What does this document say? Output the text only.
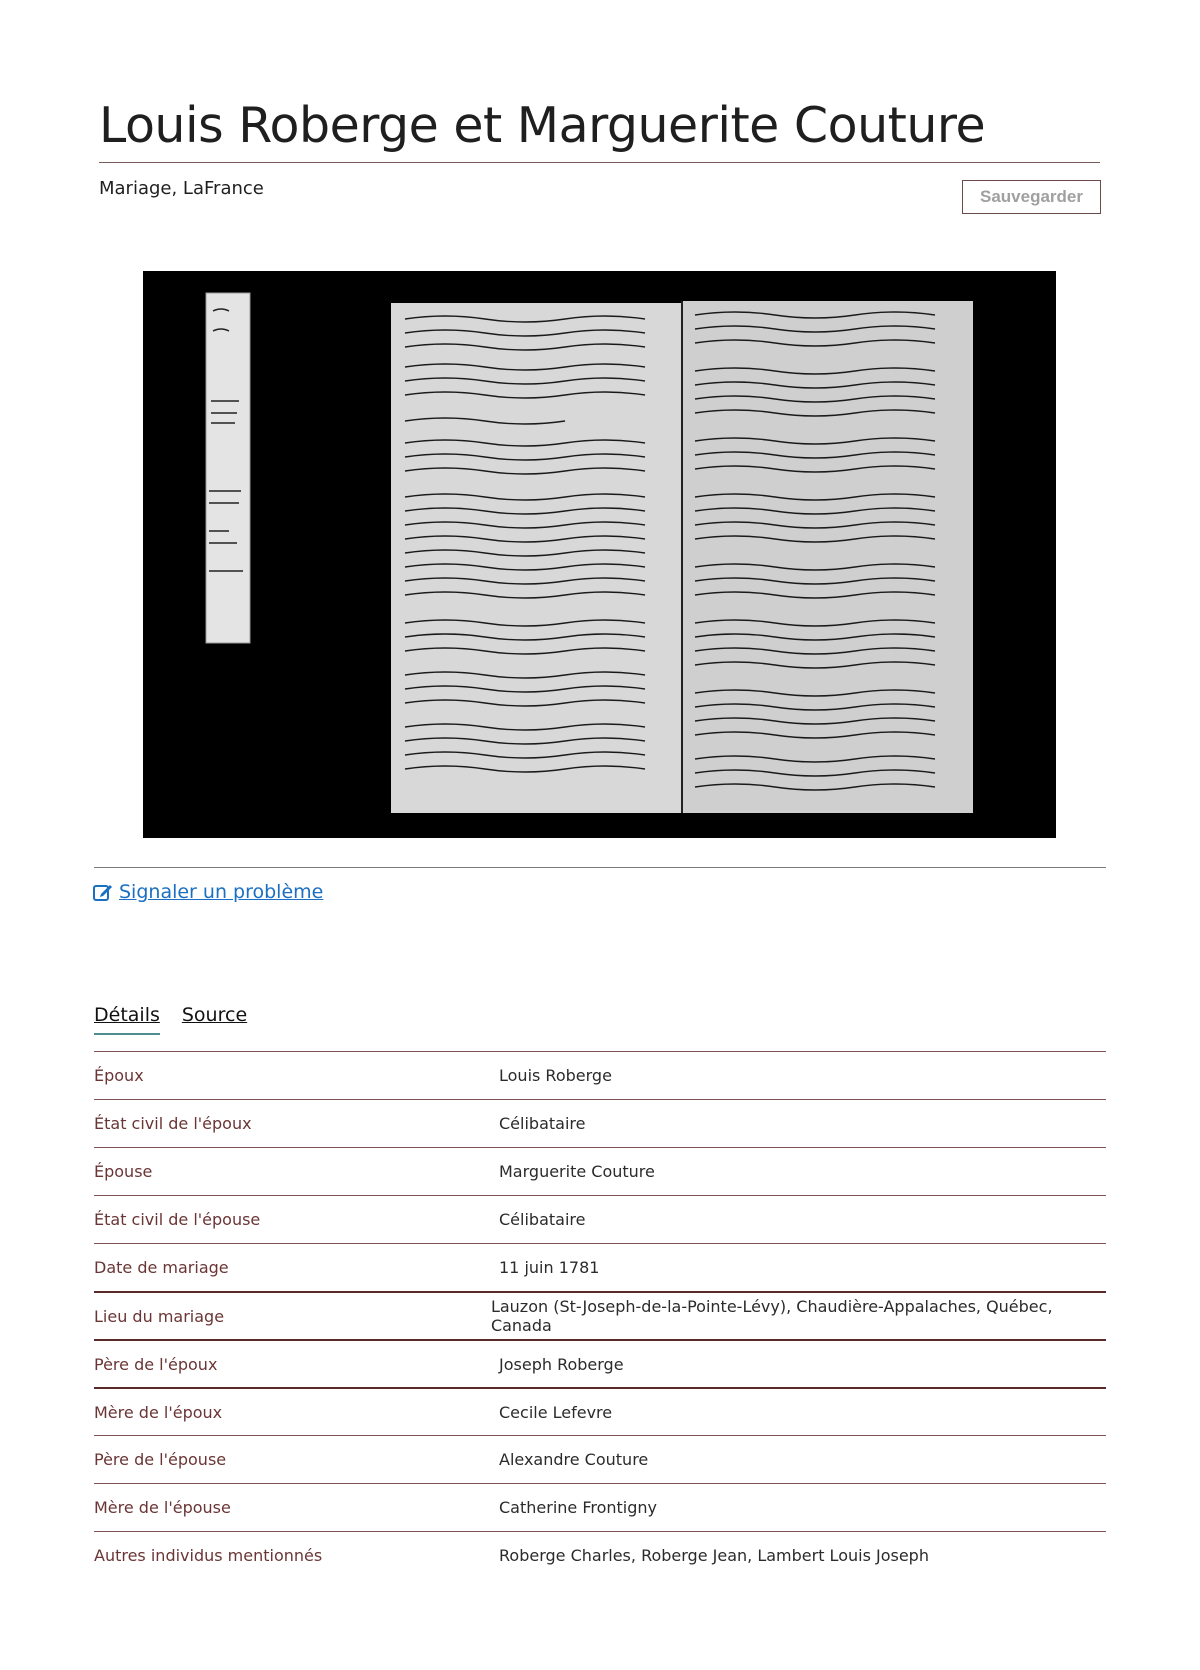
Louis Roberge et Marguerite Couture
Mariage, LaFrance	Sauvegarder
Signaler un problème
Détails Source
Époux	Louis Roberge
État civil de l'époux	Célibataire
Épouse	Marguerite Couture
État civil de l'épouse	Célibataire
Date de mariage	11 juin 1781
Lieu du mariage	Lauzon (St-Joseph-de-la-Pointe-Lévy), Chaudière-Appalaches, Québec, Canada
Père de l'époux	Joseph Roberge
Mère de l'époux	Cecile Lefevre
Père de l'épouse	Alexandre Couture
Mère de l'épouse	Catherine Frontigny
Autres individus mentionnés	Roberge Charles, Roberge Jean, Lambert Louis Joseph
